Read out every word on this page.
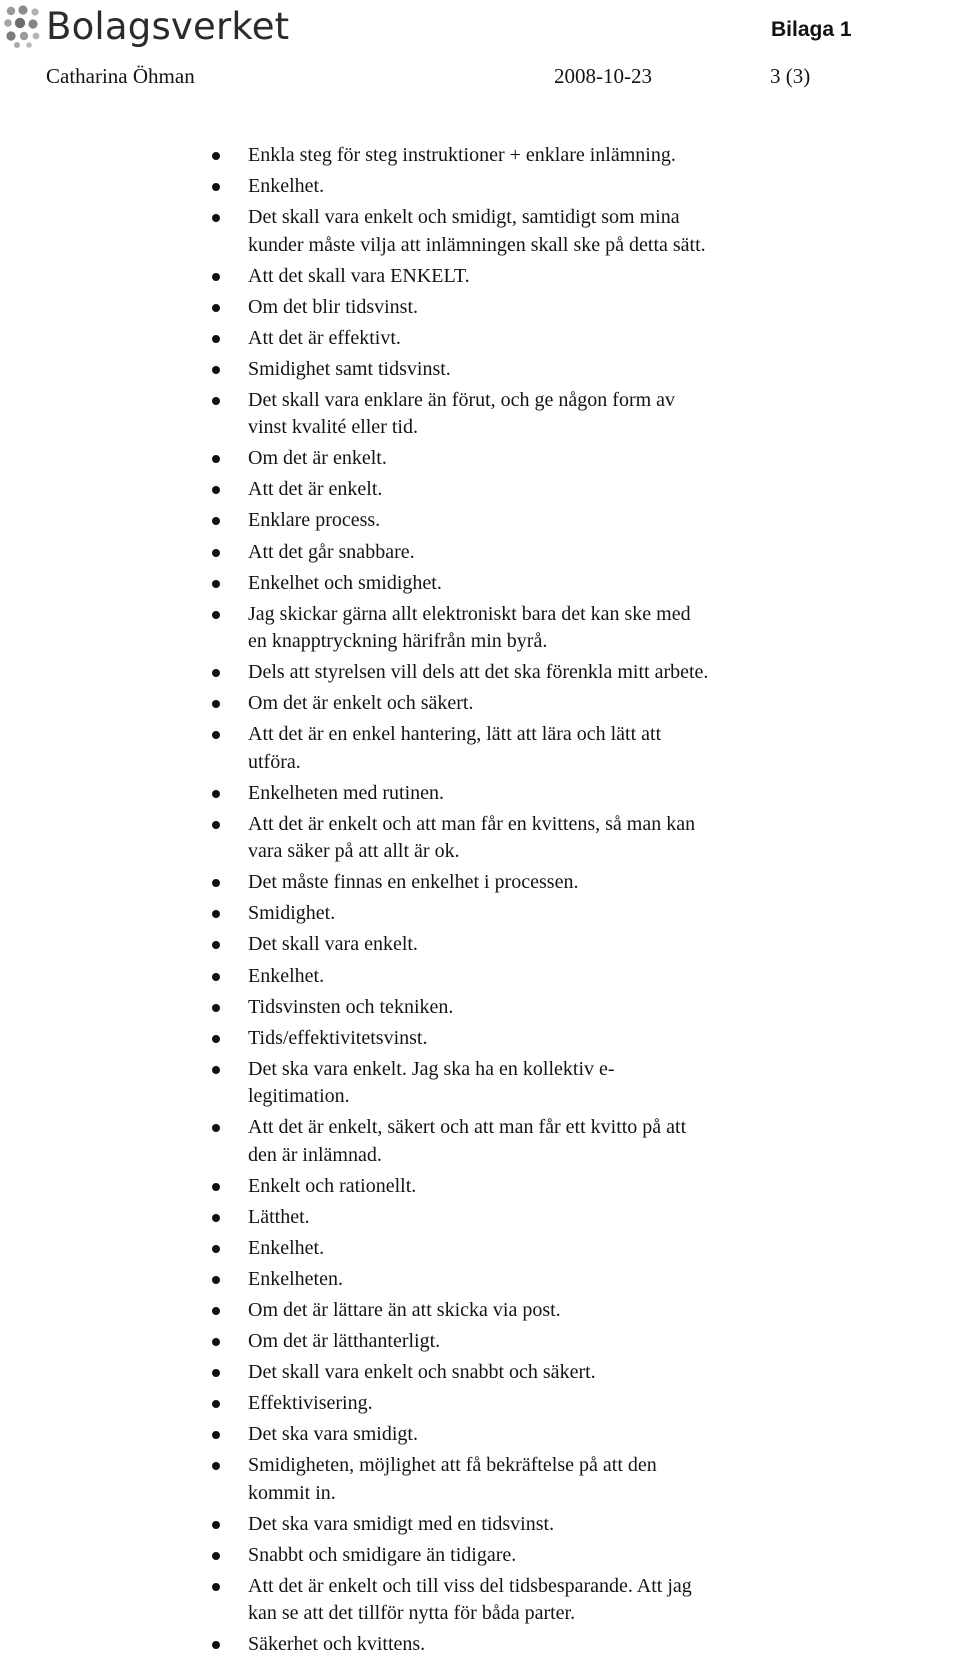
Bolagsverket	Bilaga 1
Catharina Öhman	2008-10-23	3 (3)
Enkla steg för steg instruktioner + enklare inlämning.
Enkelhet.
Det skall vara enkelt och smidigt, samtidigt som mina kunder måste vilja att inlämningen skall ske på detta sätt.
Att det skall vara ENKELT.
Om det blir tidsvinst.
Att det är effektivt.
Smidighet samt tidsvinst.
Det skall vara enklare än förut, och ge någon form av vinst kvalité eller tid.
Om det är enkelt.
Att det är enkelt.
Enklare process.
Att det går snabbare.
Enkelhet och smidighet.
Jag skickar gärna allt elektroniskt bara det kan ske med en knapptryckning härifrån min byrå.
Dels att styrelsen vill dels att det ska förenkla mitt arbete.
Om det är enkelt och säkert.
Att det är en enkel hantering, lätt att lära och lätt att utföra.
Enkelheten med rutinen.
Att det är enkelt och att man får en kvittens, så man kan vara säker på att allt är ok.
Det måste finnas en enkelhet i processen.
Smidighet.
Det skall vara enkelt.
Enkelhet.
Tidsvinsten och tekniken.
Tids/effektivitetsvinst.
Det ska vara enkelt. Jag ska ha en kollektiv e-legitimation.
Att det är enkelt, säkert och att man får ett kvitto på att den är inlämnad.
Enkelt och rationellt.
Lätthet.
Enkelhet.
Enkelheten.
Om det är lättare än att skicka via post.
Om det är lätthanterligt.
Det skall vara enkelt och snabbt och säkert.
Effektivisering.
Det ska vara smidigt.
Smidigheten, möjlighet att få bekräftelse på att den kommit in.
Det ska vara smidigt med en tidsvinst.
Snabbt och smidigare än tidigare.
Att det är enkelt och till viss del tidsbesparande. Att jag kan se att det tillför nytta för båda parter.
Säkerhet och kvittens.
